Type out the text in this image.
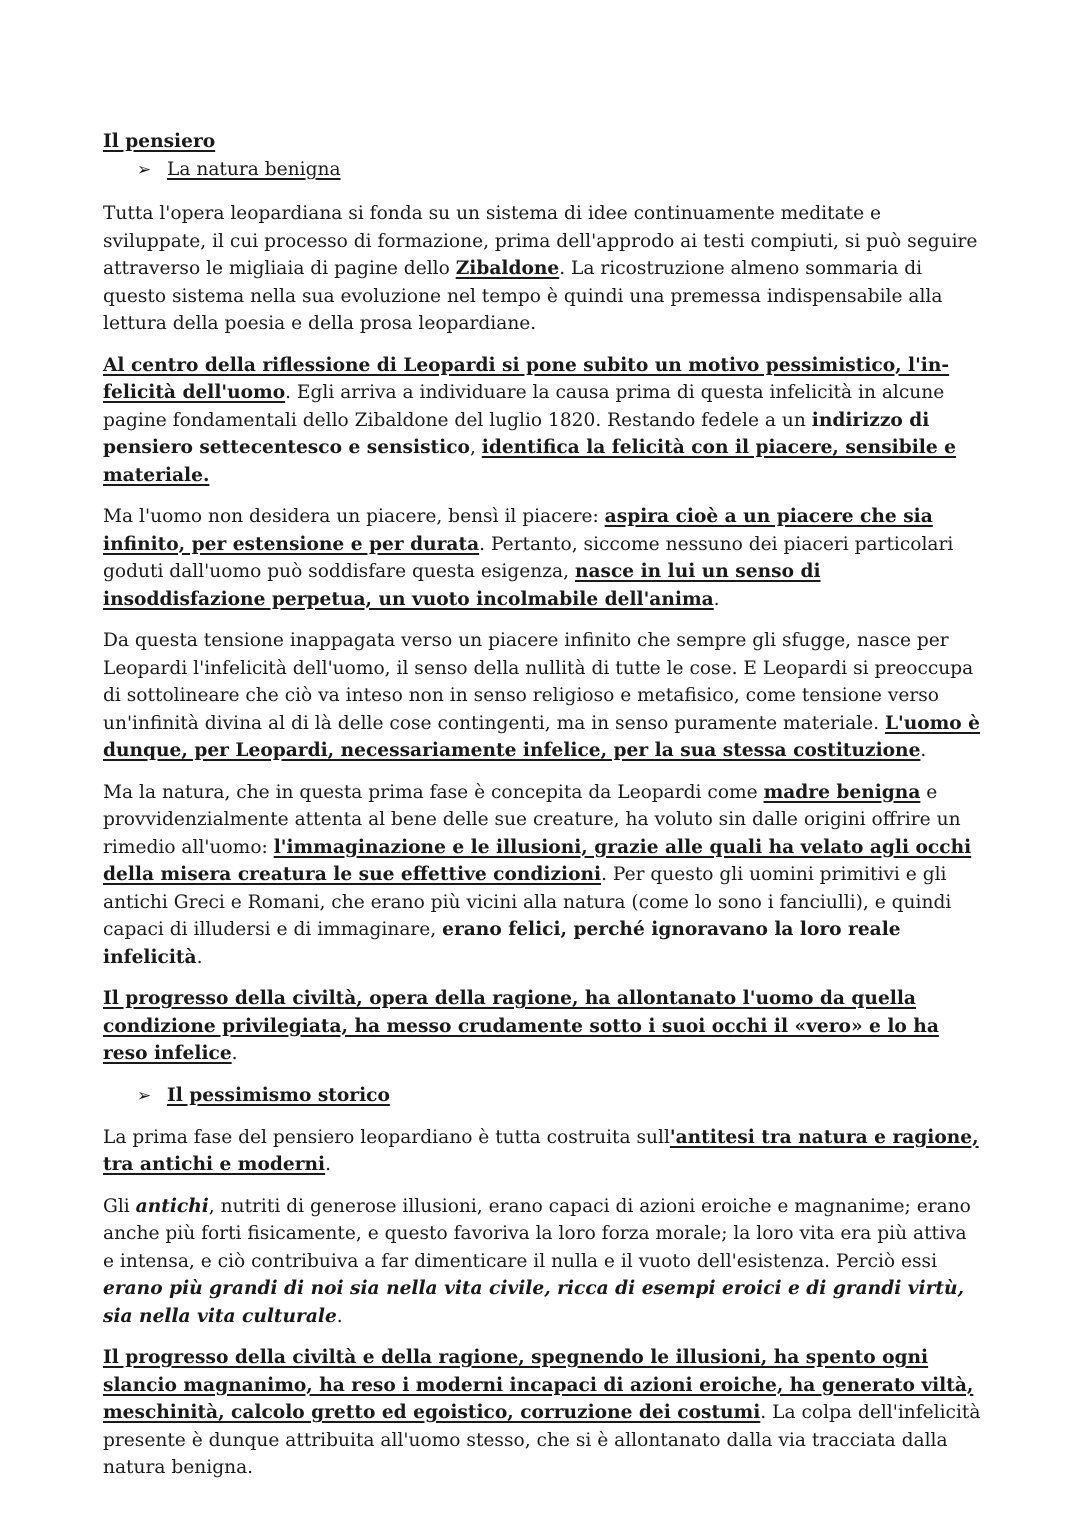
Il pensiero
➢ La natura benigna

Tutta l'opera leopardiana si fonda su un sistema di idee continuamente meditate e sviluppate, il cui processo di formazione, prima dell'approdo ai testi compiuti, si può seguire attraverso le migliaia di pagine dello Zibaldone. La ricostruzione almeno sommaria di questo sistema nella sua evoluzione nel tempo è quindi una premessa indispensabile alla lettura della poesia e della prosa leopardiane.

Al centro della riflessione di Leopardi si pone subito un motivo pessimistico, l'in-felicità dell'uomo. Egli arriva a individuare la causa prima di questa infelicità in alcune pagine fondamentali dello Zibaldone del luglio 1820. Restando fedele a un indirizzo di pensiero settecentesco e sensistico, identifica la felicità con il piacere, sensibile e materiale.

Ma l'uomo non desidera un piacere, bensì il piacere: aspira cioè a un piacere che sia infinito, per estensione e per durata. Pertanto, siccome nessuno dei piaceri particolari goduti dall'uomo può soddisfare questa esigenza, nasce in lui un senso di insoddisfazione perpetua, un vuoto incolmabile dell'anima.

Da questa tensione inappagata verso un piacere infinito che sempre gli sfugge, nasce per Leopardi l'infelicità dell'uomo, il senso della nullità di tutte le cose. E Leopardi si preoccupa di sottolineare che ciò va inteso non in senso religioso e metafisico, come tensione verso un'infinità divina al di là delle cose contingenti, ma in senso puramente materiale. L'uomo è dunque, per Leopardi, necessariamente infelice, per la sua stessa costituzione.

Ma la natura, che in questa prima fase è concepita da Leopardi come madre benigna e provvidenzialmente attenta al bene delle sue creature, ha voluto sin dalle origini offrire un rimedio all'uomo: l'immaginazione e le illusioni, grazie alle quali ha velato agli occhi della misera creatura le sue effettive condizioni. Per questo gli uomini primitivi e gli antichi Greci e Romani, che erano più vicini alla natura (come lo sono i fanciulli), e quindi capaci di illudersi e di immaginare, erano felici, perché ignoravano la loro reale infelicità.

Il progresso della civiltà, opera della ragione, ha allontanato l'uomo da quella condizione privilegiata, ha messo crudamente sotto i suoi occhi il «vero» e lo ha reso infelice.

➢ Il pessimismo storico

La prima fase del pensiero leopardiano è tutta costruita sull'antitesi tra natura e ragione, tra antichi e moderni.

Gli antichi, nutriti di generose illusioni, erano capaci di azioni eroiche e magnanime; erano anche più forti fisicamente, e questo favoriva la loro forza morale; la loro vita era più attiva e intensa, e ciò contribuiva a far dimenticare il nulla e il vuoto dell'esistenza. Perciò essi erano più grandi di noi sia nella vita civile, ricca di esempi eroici e di grandi virtù, sia nella vita culturale.

Il progresso della civiltà e della ragione, spegnendo le illusioni, ha spento ogni slancio magnanimo, ha reso i moderni incapaci di azioni eroiche, ha generato viltà, meschinità, calcolo gretto ed egoistico, corruzione dei costumi. La colpa dell'infelicità presente è dunque attribuita all'uomo stesso, che si è allontanato dalla via tracciata dalla natura benigna.
